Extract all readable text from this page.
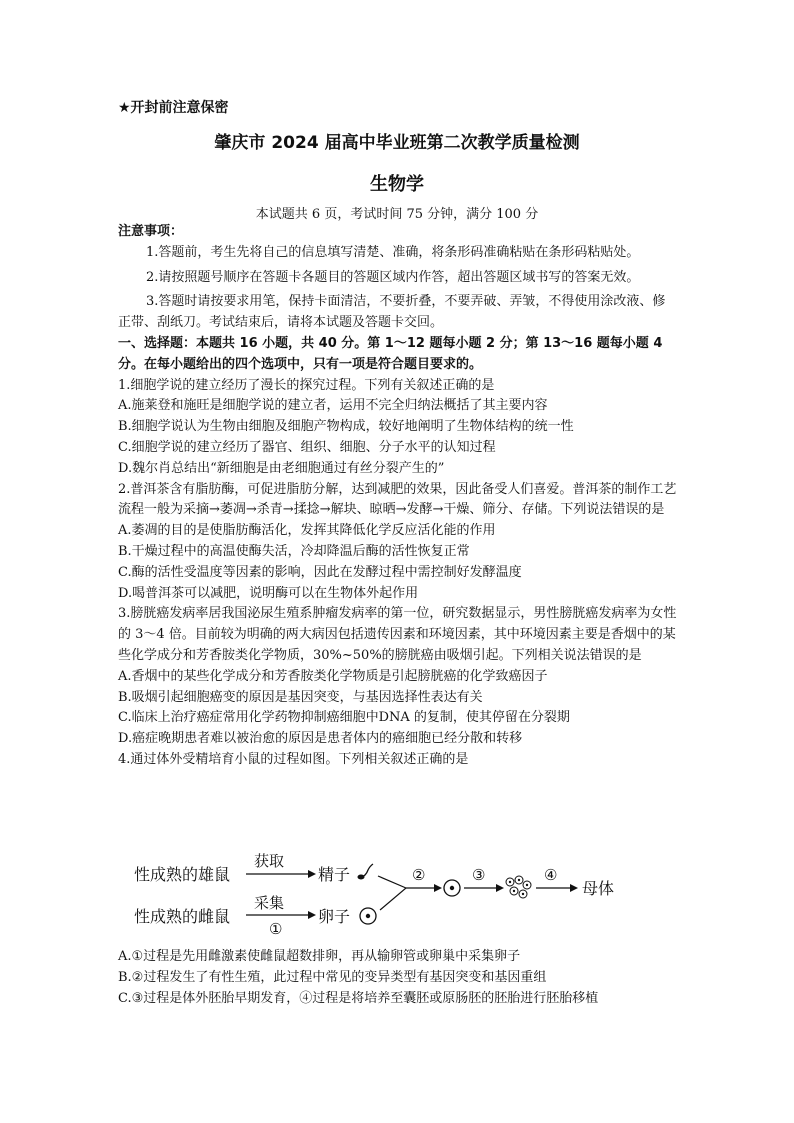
★开封前注意保密
肇庆市 2024 届高中毕业班第二次教学质量检测
生物学
本试题共 6 页，考试时间 75 分钟，满分 100 分

注意事项：

1.答题前，考生先将自己的信息填写清楚、准确，将条形码准确粘贴在条形码粘贴处。

2.请按照题号顺序在答题卡各题目的答题区域内作答，超出答题区域书写的答案无效。

3.答题时请按要求用笔，保持卡面清洁，不要折叠，不要弄破、弄皱，不得使用涂改液、修正带、刮纸刀。考试结束后，请将本试题及答题卡交回。

一、选择题：本题共 16 小题，共 40 分。第 1～12 题每小题 2 分；第 13～16 题每小题 4 分。在每小题给出的四个选项中，只有一项是符合题目要求的。

1.细胞学说的建立经历了漫长的探究过程。下列有关叙述正确的是

A.施莱登和施旺是细胞学说的建立者，运用不完全归纳法概括了其主要内容

B.细胞学说认为生物由细胞及细胞产物构成，较好地阐明了生物体结构的统一性

C.细胞学说的建立经历了器官、组织、细胞、分子水平的认知过程

D.魏尔肖总结出“新细胞是由老细胞通过有丝分裂产生的”

2.普洱茶含有脂肪酶，可促进脂肪分解，达到减肥的效果，因此备受人们喜爱。普洱茶的制作工艺流程一般为采摘→萎凋→杀青→揉捻→解块、晾晒→发酵→干燥、筛分、存储。下列说法错误的是

A.萎凋的目的是使脂肪酶活化，发挥其降低化学反应活化能的作用

B.干燥过程中的高温使酶失活，冷却降温后酶的活性恢复正常

C.酶的活性受温度等因素的影响，因此在发酵过程中需控制好发酵温度

D.喝普洱茶可以减肥，说明酶可以在生物体外起作用

3.膀胱癌发病率居我国泌尿生殖系肿瘤发病率的第一位，研究数据显示，男性膀胱癌发病率为女性的 3～4 倍。目前较为明确的两大病因包括遗传因素和环境因素，其中环境因素主要是香烟中的某些化学成分和芳香胺类化学物质，30%~50%的膀胱癌由吸烟引起。下列相关说法错误的是

A.香烟中的某些化学成分和芳香胺类化学物质是引起膀胱癌的化学致癌因子

B.吸烟引起细胞癌变的原因是基因突变，与基因选择性表达有关

C.临床上治疗癌症常用化学药物抑制癌细胞中DNA 的复制，使其停留在分裂期

D.癌症晚期患者难以被治愈的原因是患者体内的癌细胞已经分散和转移

4.通过体外受精培育小鼠的过程如图。下列相关叙述正确的是

性成熟的雄鼠
性成熟的雌鼠
获取
采集
①
精子
卵子
②	③	④
母体

A.①过程是先用雌激素使雌鼠超数排卵，再从输卵管或卵巢中采集卵子

B.②过程发生了有性生殖，此过程中常见的变异类型有基因突变和基因重组

C.③过程是体外胚胎早期发育，④过程是将培养至囊胚或原肠胚的胚胎进行胚胎移植
